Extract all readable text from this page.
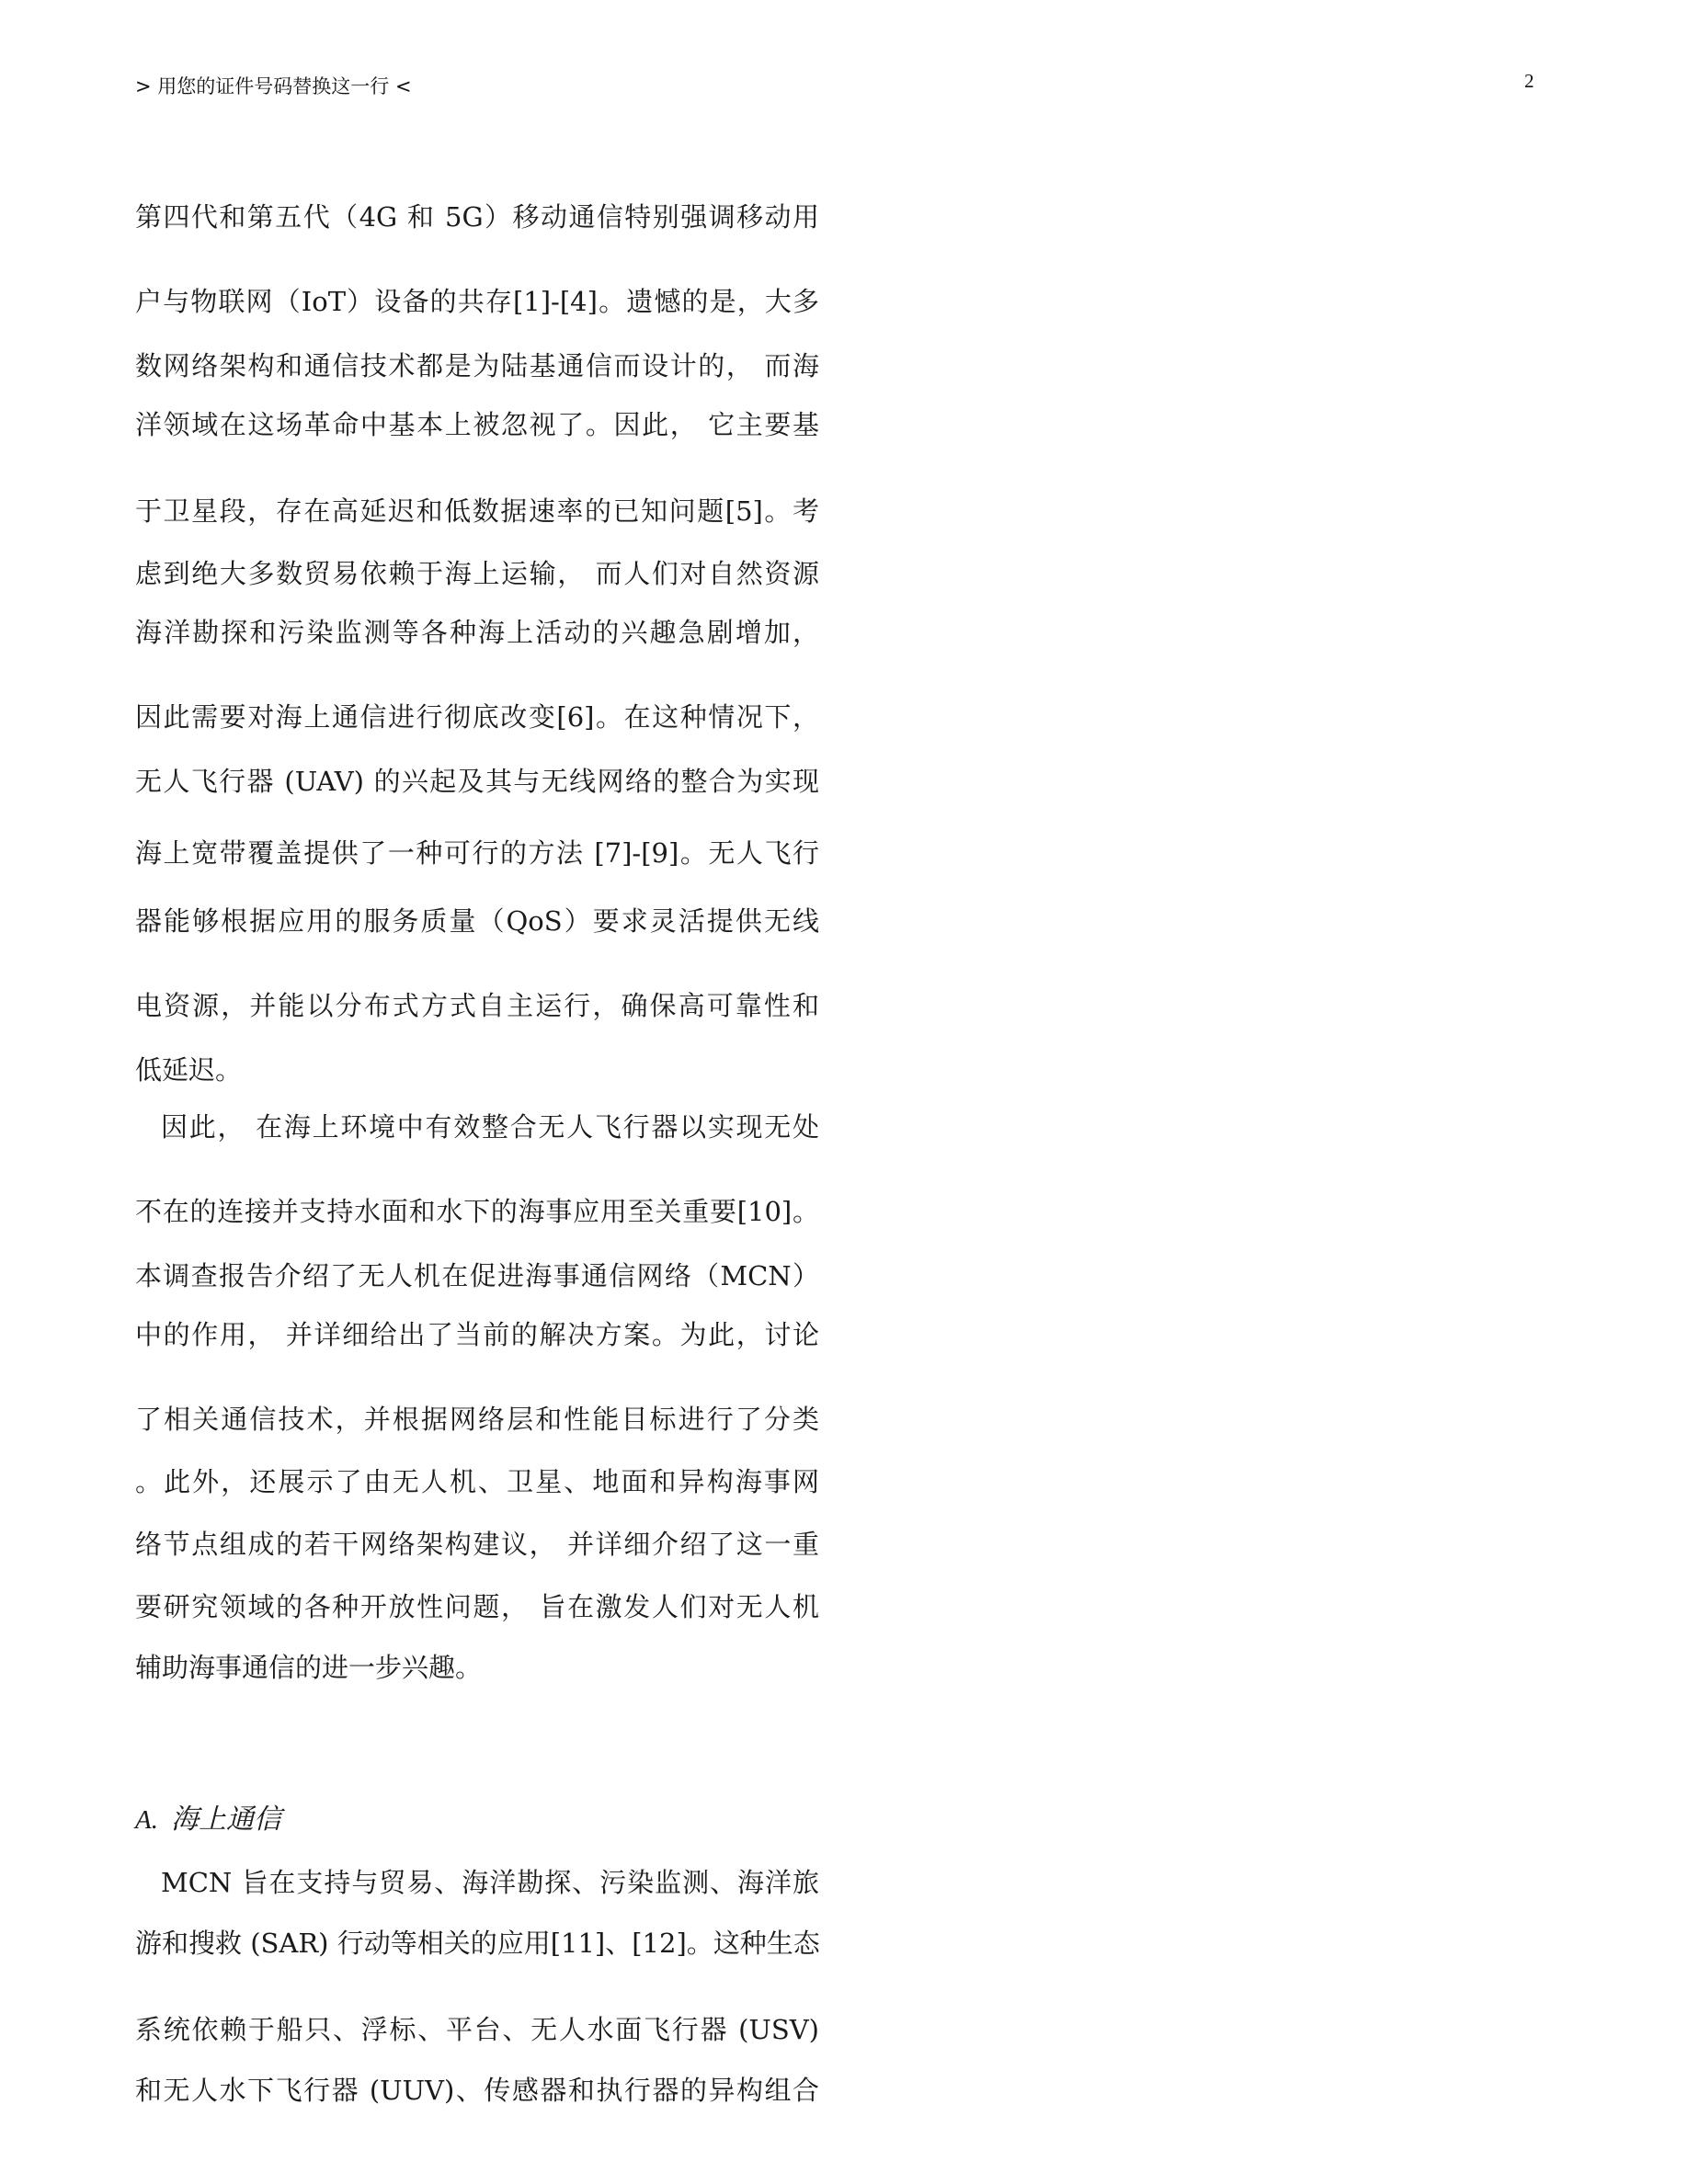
> 用您的证件号码替换这一行 <	2
第四代和第五代（4G 和 5G）移动通信特别强调移动用
户与物联网（IoT）设备的共存[1]-[4]。遗憾的是，大多
数网络架构和通信技术都是为陆基通信而设计的， 而海
洋领域在这场革命中基本上被忽视了。因此， 它主要基
于卫星段，存在高延迟和低数据速率的已知问题[5]。考
虑到绝大多数贸易依赖于海上运输， 而人们对自然资源
海洋勘探和污染监测等各种海上活动的兴趣急剧增加，
因此需要对海上通信进行彻底改变[6]。在这种情况下，
无人飞行器 (UAV) 的兴起及其与无线网络的整合为实现
海上宽带覆盖提供了一种可行的方法 [7]-[9]。无人飞行
器能够根据应用的服务质量（QoS）要求灵活提供无线
电资源，并能以分布式方式自主运行，确保高可靠性和
低延迟。
因此， 在海上环境中有效整合无人飞行器以实现无处
不在的连接并支持水面和水下的海事应用至关重要[10]。
本调查报告介绍了无人机在促进海事通信网络（MCN）
中的作用， 并详细给出了当前的解决方案。为此，讨论
了相关通信技术，并根据网络层和性能目标进行了分类
。此外，还展示了由无人机、卫星、地面和异构海事网
络节点组成的若干网络架构建议， 并详细介绍了这一重
要研究领域的各种开放性问题， 旨在激发人们对无人机
辅助海事通信的进一步兴趣。
A. 海上通信
MCN 旨在支持与贸易、海洋勘探、污染监测、海洋旅
游和搜救 (SAR) 行动等相关的应用[11]、[12]。这种生态
系统依赖于船只、浮标、平台、无人水面飞行器 (USV)
和无人水下飞行器 (UUV)、传感器和执行器的异构组合
